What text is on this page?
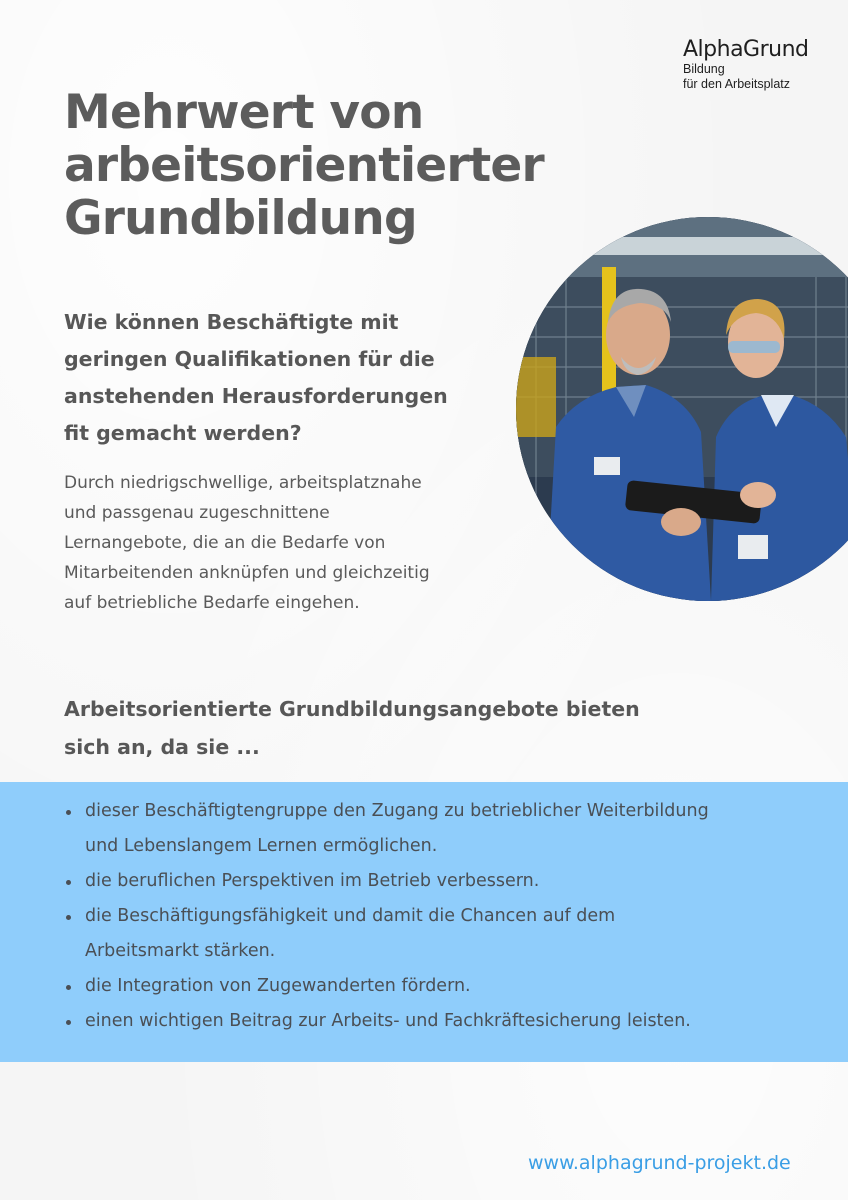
AlphaGrund
Bildung
für den Arbeitsplatz
Mehrwert von
arbeitsorientierter
Grundbildung

Wie können Beschäftigte mit
geringen Qualifikationen für die
anstehenden Herausforderungen
fit gemacht werden?

Durch niedrigschwellige, arbeitsplatznahe
und passgenau zugeschnittene
Lernangebote, die an die Bedarfe von
Mitarbeitenden anknüpfen und gleichzeitig
auf betriebliche Bedarfe eingehen.

Arbeitsorientierte Grundbildungsangebote bieten
sich an, da sie ...

dieser Beschäftigtengruppe den Zugang zu betrieblicher Weiterbildung
und Lebenslangem Lernen ermöglichen.
die beruflichen Perspektiven im Betrieb verbessern.
die Beschäftigungsfähigkeit und damit die Chancen auf dem
Arbeitsmarkt stärken.
die Integration von Zugewanderten fördern.
einen wichtigen Beitrag zur Arbeits- und Fachkräftesicherung leisten.

www.alphagrund-projekt.de
